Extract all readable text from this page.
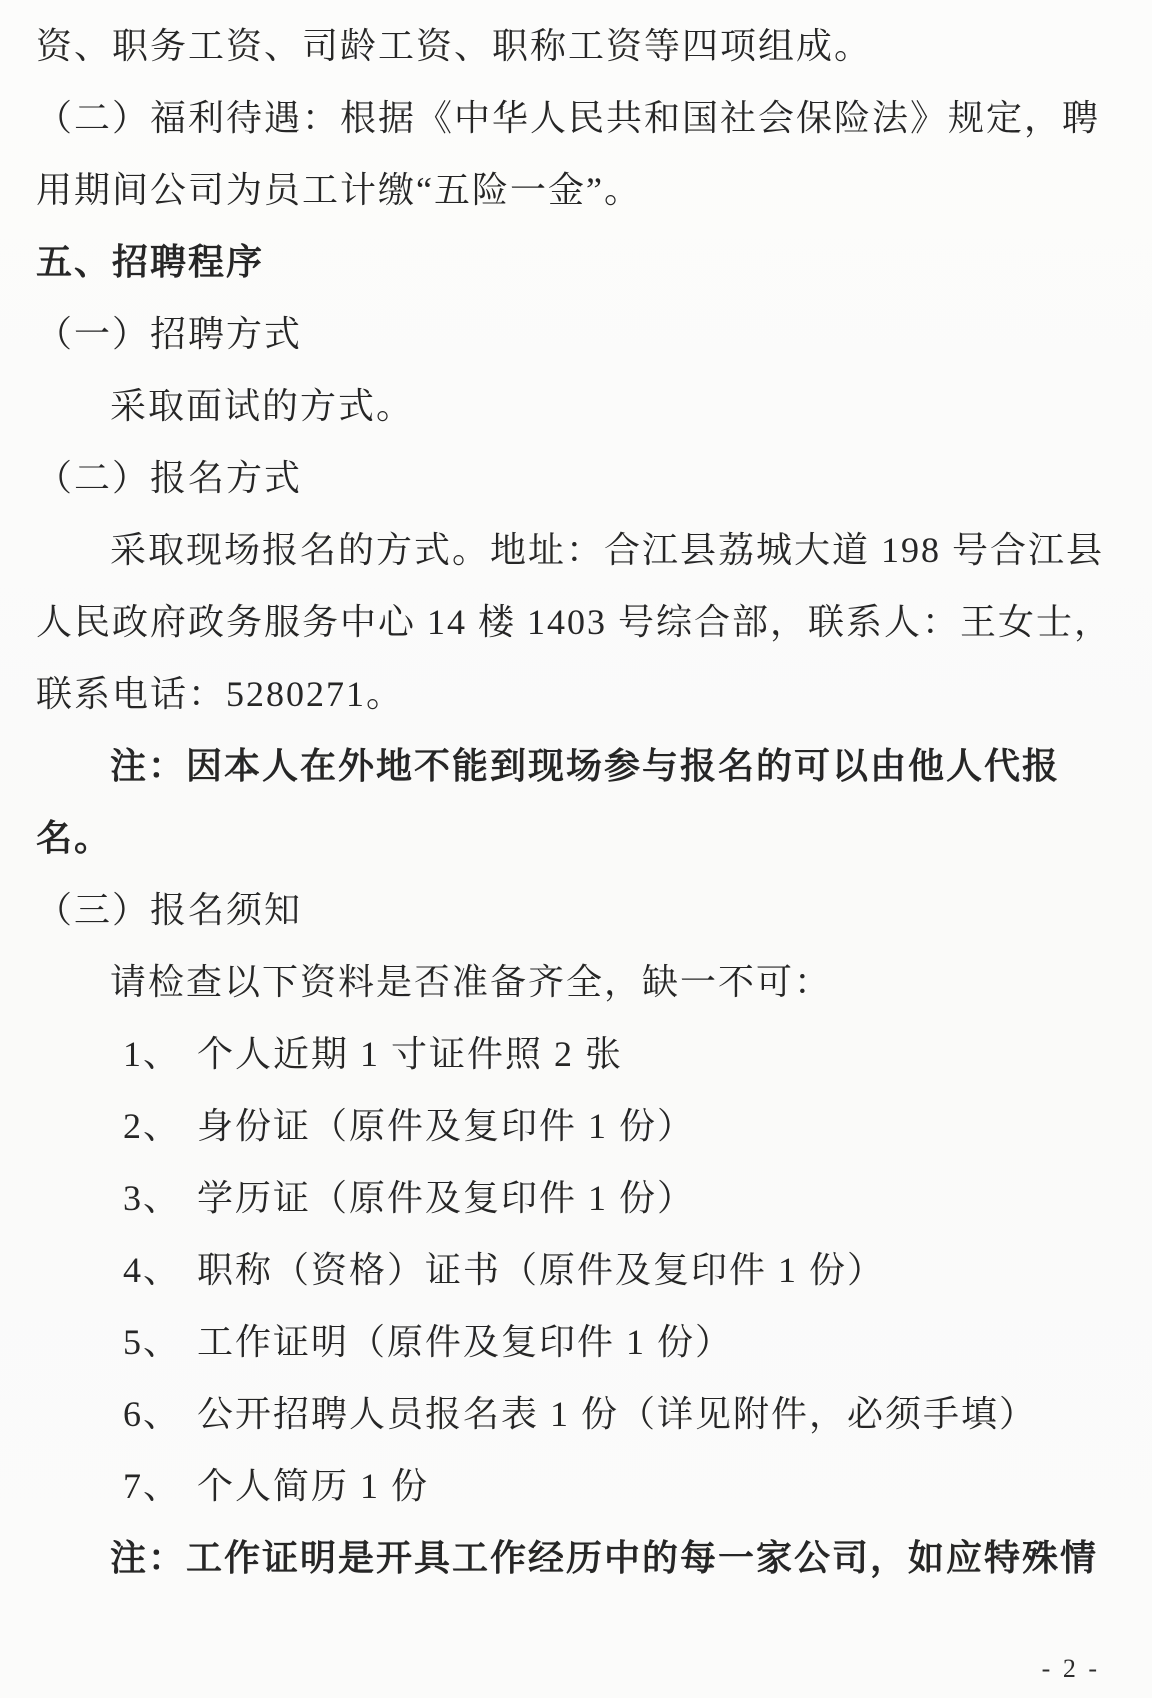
资、职务工资、司龄工资、职称工资等四项组成。
（二）福利待遇：根据《中华人民共和国社会保险法》规定，聘
用期间公司为员工计缴“五险一金”。
五、招聘程序
（一）招聘方式
采取面试的方式。
（二）报名方式
采取现场报名的方式。地址：合江县荔城大道 198 号合江县
人民政府政务服务中心 14 楼 1403 号综合部，联系人：王女士，
联系电话：5280271。
注：因本人在外地不能到现场参与报名的可以由他人代报
名。
（三）报名须知
请检查以下资料是否准备齐全，缺一不可：
1、 个人近期 1 寸证件照 2 张
2、 身份证（原件及复印件 1 份）
3、 学历证（原件及复印件 1 份）
4、 职称（资格）证书（原件及复印件 1 份）
5、 工作证明（原件及复印件 1 份）
6、 公开招聘人员报名表 1 份（详见附件，必须手填）
7、 个人简历 1 份
注：工作证明是开具工作经历中的每一家公司，如应特殊情
- 2 -
